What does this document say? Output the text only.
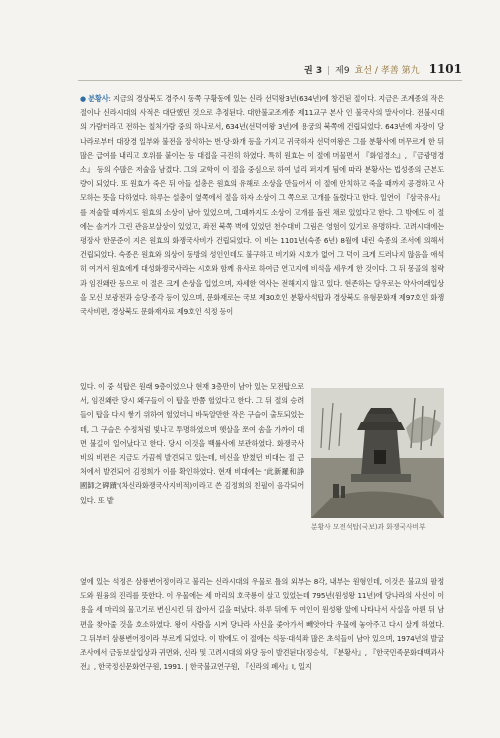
권 3 | 제9 효선 / 孝善 第九 1101
● 분황사: 지금의 경상북도 경주시 동쪽 구황동에 있는 신라 선덕왕3년(634년)에 창건된 절이다. 지금은 조계종의 작은 절이나 신라시대의 사적은 대단했던 것으로 추정된다. 대한불교조계종 제11교구 본사 인 불국사의 말사이다. 전불시대의 가람터라고 전하는 칠처가람 중의 하나로서, 634년(선덕여왕 3년)에 용궁의 북쪽에 건립되었다. 643년에 자장이 당나라로부터 대장경 일부와 불전을 장식하는 번·당·화개 등을 가지고 귀국하자 선덕여왕은 그를 분황사에 머무르게 한 뒤 많은 급여를 내리고 호위를 붙이는 등 대접을 극진히 하였다. 특히 원효는 이 절에 머물면서 『화엄경소』, 『금광명경소』 등의 수많은 저술을 남겼다. 그의 교학이 이 절을 중심으로 하여 널리 퍼지게 됨에 따라 분황사는 법성종의 근본도량이 되었다. 또 원효가 죽은 뒤 아들 설총은 원효의 유해로 소상을 만들어서 이 절에 안치하고 죽을 때까지 공경하고 사모하는 뜻을 다하였다. 하루는 설총이 옆쪽에서 절을 하자 소상이 그 쪽으로 고개를 돌렸다고 한다. 일연이 『삼국유사』를 저술할 때까지도 원효의 소상이 남아 있었으며, 그때까지도 소상이 고개를 돌린 채로 있었다고 한다. 그 밖에도 이 절에는 솔거가 그린 관음보살상이 있었고, 좌전 북쪽 벽에 있었던 천수대비 그림은 영험이 있기로 유명하다. 고려시대에는 평장사 한문준이 지은 원효의 화쟁국사비가 건립되었다. 이 비는 1101년(숙종 6년) 8월에 내린 숙종의 조서에 의해서 건립되었다. 숙종은 원효와 의상이 동방의 성인인데도 불구하고 비기와 시호가 없어 그 덕이 크게 드러나지 않음을 애석히 여겨서 원효에게 대성화쟁국사라는 시호와 함께 유사로 하여금 연고지에 비석을 세우게 한 것이다. 그 뒤 몽골의 침략과 임진왜란 등으로 이 절은 크게 손상을 입었으며, 자세한 역사는 전해지지 않고 있다. 현존하는 당우로는 약사여래입상을 모신 보광전과 승당·종각 등이 있으며, 문화재로는 국보 제30호인 분황사석탑과 경상북도 유형문화재 제97호인 화쟁국사비편, 경상북도 문화재자료 제9호인 석정 등이
있다. 이 중 석탑은 원래 9층이었으나 현재 3층만이 남아 있는 모전탑으로서, 임진왜란 당시 왜구들이 이 탑을 반쯤 헐었다고 한다. 그 뒤 절의 승려들이 탑을 다시 쌓기 위하여 헐었더니 바둑알만한 작은 구슬이 출토되었는데, 그 구슬은 수정처럼 빛나고 투명하였으며 햇살을 쪼여 솜을 가까이 대면 불길이 일어났다고 한다. 당시 이것을 백률사에 보관하였다. 화쟁국사비의 비편은 지금도 가끔씩 발견되고 있는데, 비신을 받쳤던 비대는 절 근처에서 발견되어 김정희가 이를 확인하였다. 현재 비대에는 '此新羅和諍國師之碑蹟'(차신라화쟁국사지비적)이라고 쓴 김정희의 친필이 음각되어 있다. 또 밭
분황사 모전석탑(국보)과 화쟁국사비부
옆에 있는 석정은 삼룡변어정이라고 불리는 신라시대의 우물로 틀의 외부는 8각, 내부는 원형인데, 이것은 불교의 팔정도와 원융의 진리를 뜻한다. 이 우물에는 세 마리의 호국룡이 살고 있었는데 795년(원성왕 11년)에 당나라의 사신이 이 용을 세 마리의 물고기로 변신시킨 뒤 잡아서 길을 떠났다. 하루 뒤에 두 여인이 원성왕 앞에 나타나서 사실을 아뢴 뒤 남편을 찾아줄 것을 호소하였다. 왕이 사람을 시켜 당나라 사신을 좇아가서 빼앗아다 우물에 놓아주고 다시 살게 하였다. 그 뒤부터 삼룡변어정이라 부르게 되었다. 이 밖에도 이 절에는 석등·대석좌 많은 초석들이 남아 있으며, 1974년의 발굴조사에서 금동보살입상과 귀면와, 신라 및 고려시대의 와당 등이 발견된다(정승석, 『분황사』, 『한국민족문화대백과사전』, 한국정신문화연구원, 1991. | 한국불교연구원, 『신라의 폐사』Ⅰ, 일지
